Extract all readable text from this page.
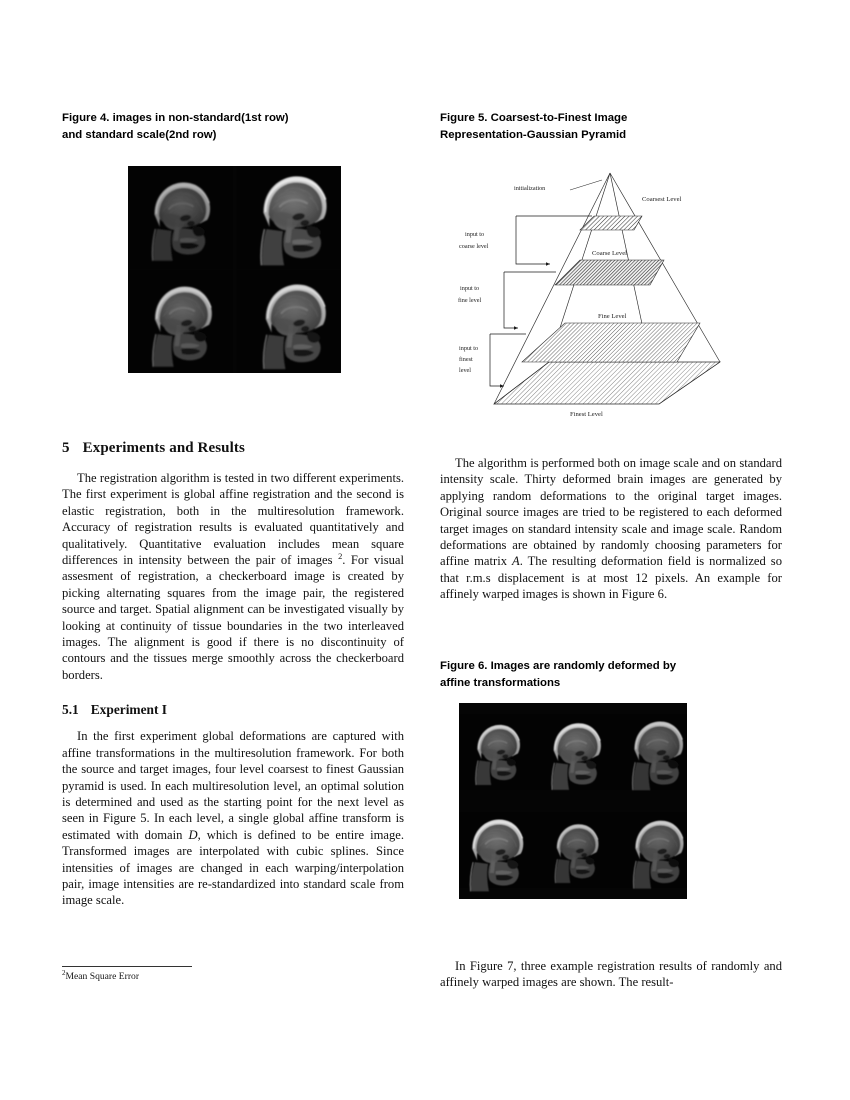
Figure 4. images in non-standard(1st row)

and standard scale(2nd row)

Figure 5. Coarsest-to-Finest Image

Representation-Gaussian Pyramid

initialization
Coarsest Level
Coarse Level
Fine Level
Finest Level
input to
coarse level
input to
fine level
input to
finest
level
5 Experiments and Results

The registration algorithm is tested in two different experiments. The first experiment is global affine registration and the second is elastic registration, both in the multiresolution framework. Accuracy of registration results is evaluated quantitatively and qualitatively. Quantitative evaluation includes mean square differences in intensity between the pair of images $^2$. For visual assesment of registration, a checkerboard image is created by picking alternating squares from the image pair, the registered source and target. Spatial alignment can be investigated visually by looking at continuity of tissue boundaries in the two interleaved images. The alignment is good if there is no discontinuity of contours and the tissues merge smoothly across the checkerboard borders.

5.1 Experiment I

In the first experiment global deformations are captured with affine transformations in the multiresolution framework. For both the source and target images, four level coarsest to finest Gaussian pyramid is used. In each multiresolution level, an optimal solution is determined and used as the starting point for the next level as seen in Figure 5. In each level, a single global affine transform is estimated with domain D, which is defined to be entire image. Transformed images are interpolated with cubic splines. Since intensities of images are changed in each warping/interpolation pair, image intensities are re-standardized into standard scale from image scale.

$^2$Mean Square Error

The algorithm is performed both on image scale and on standard intensity scale. Thirty deformed brain images are generated by applying random deformations to the original target images. Original source images are tried to be registered to each deformed target images on standard intensity scale and image scale. Random deformations are obtained by randomly choosing parameters for affine matrix A. The resulting deformation field is normalized so that r.m.s displacement is at most 12 pixels. An example for affinely warped images is shown in Figure 6.

Figure 6. Images are randomly deformed by

affine transformations

In Figure 7, three example registration results of randomly and affinely warped images are shown. The result-
